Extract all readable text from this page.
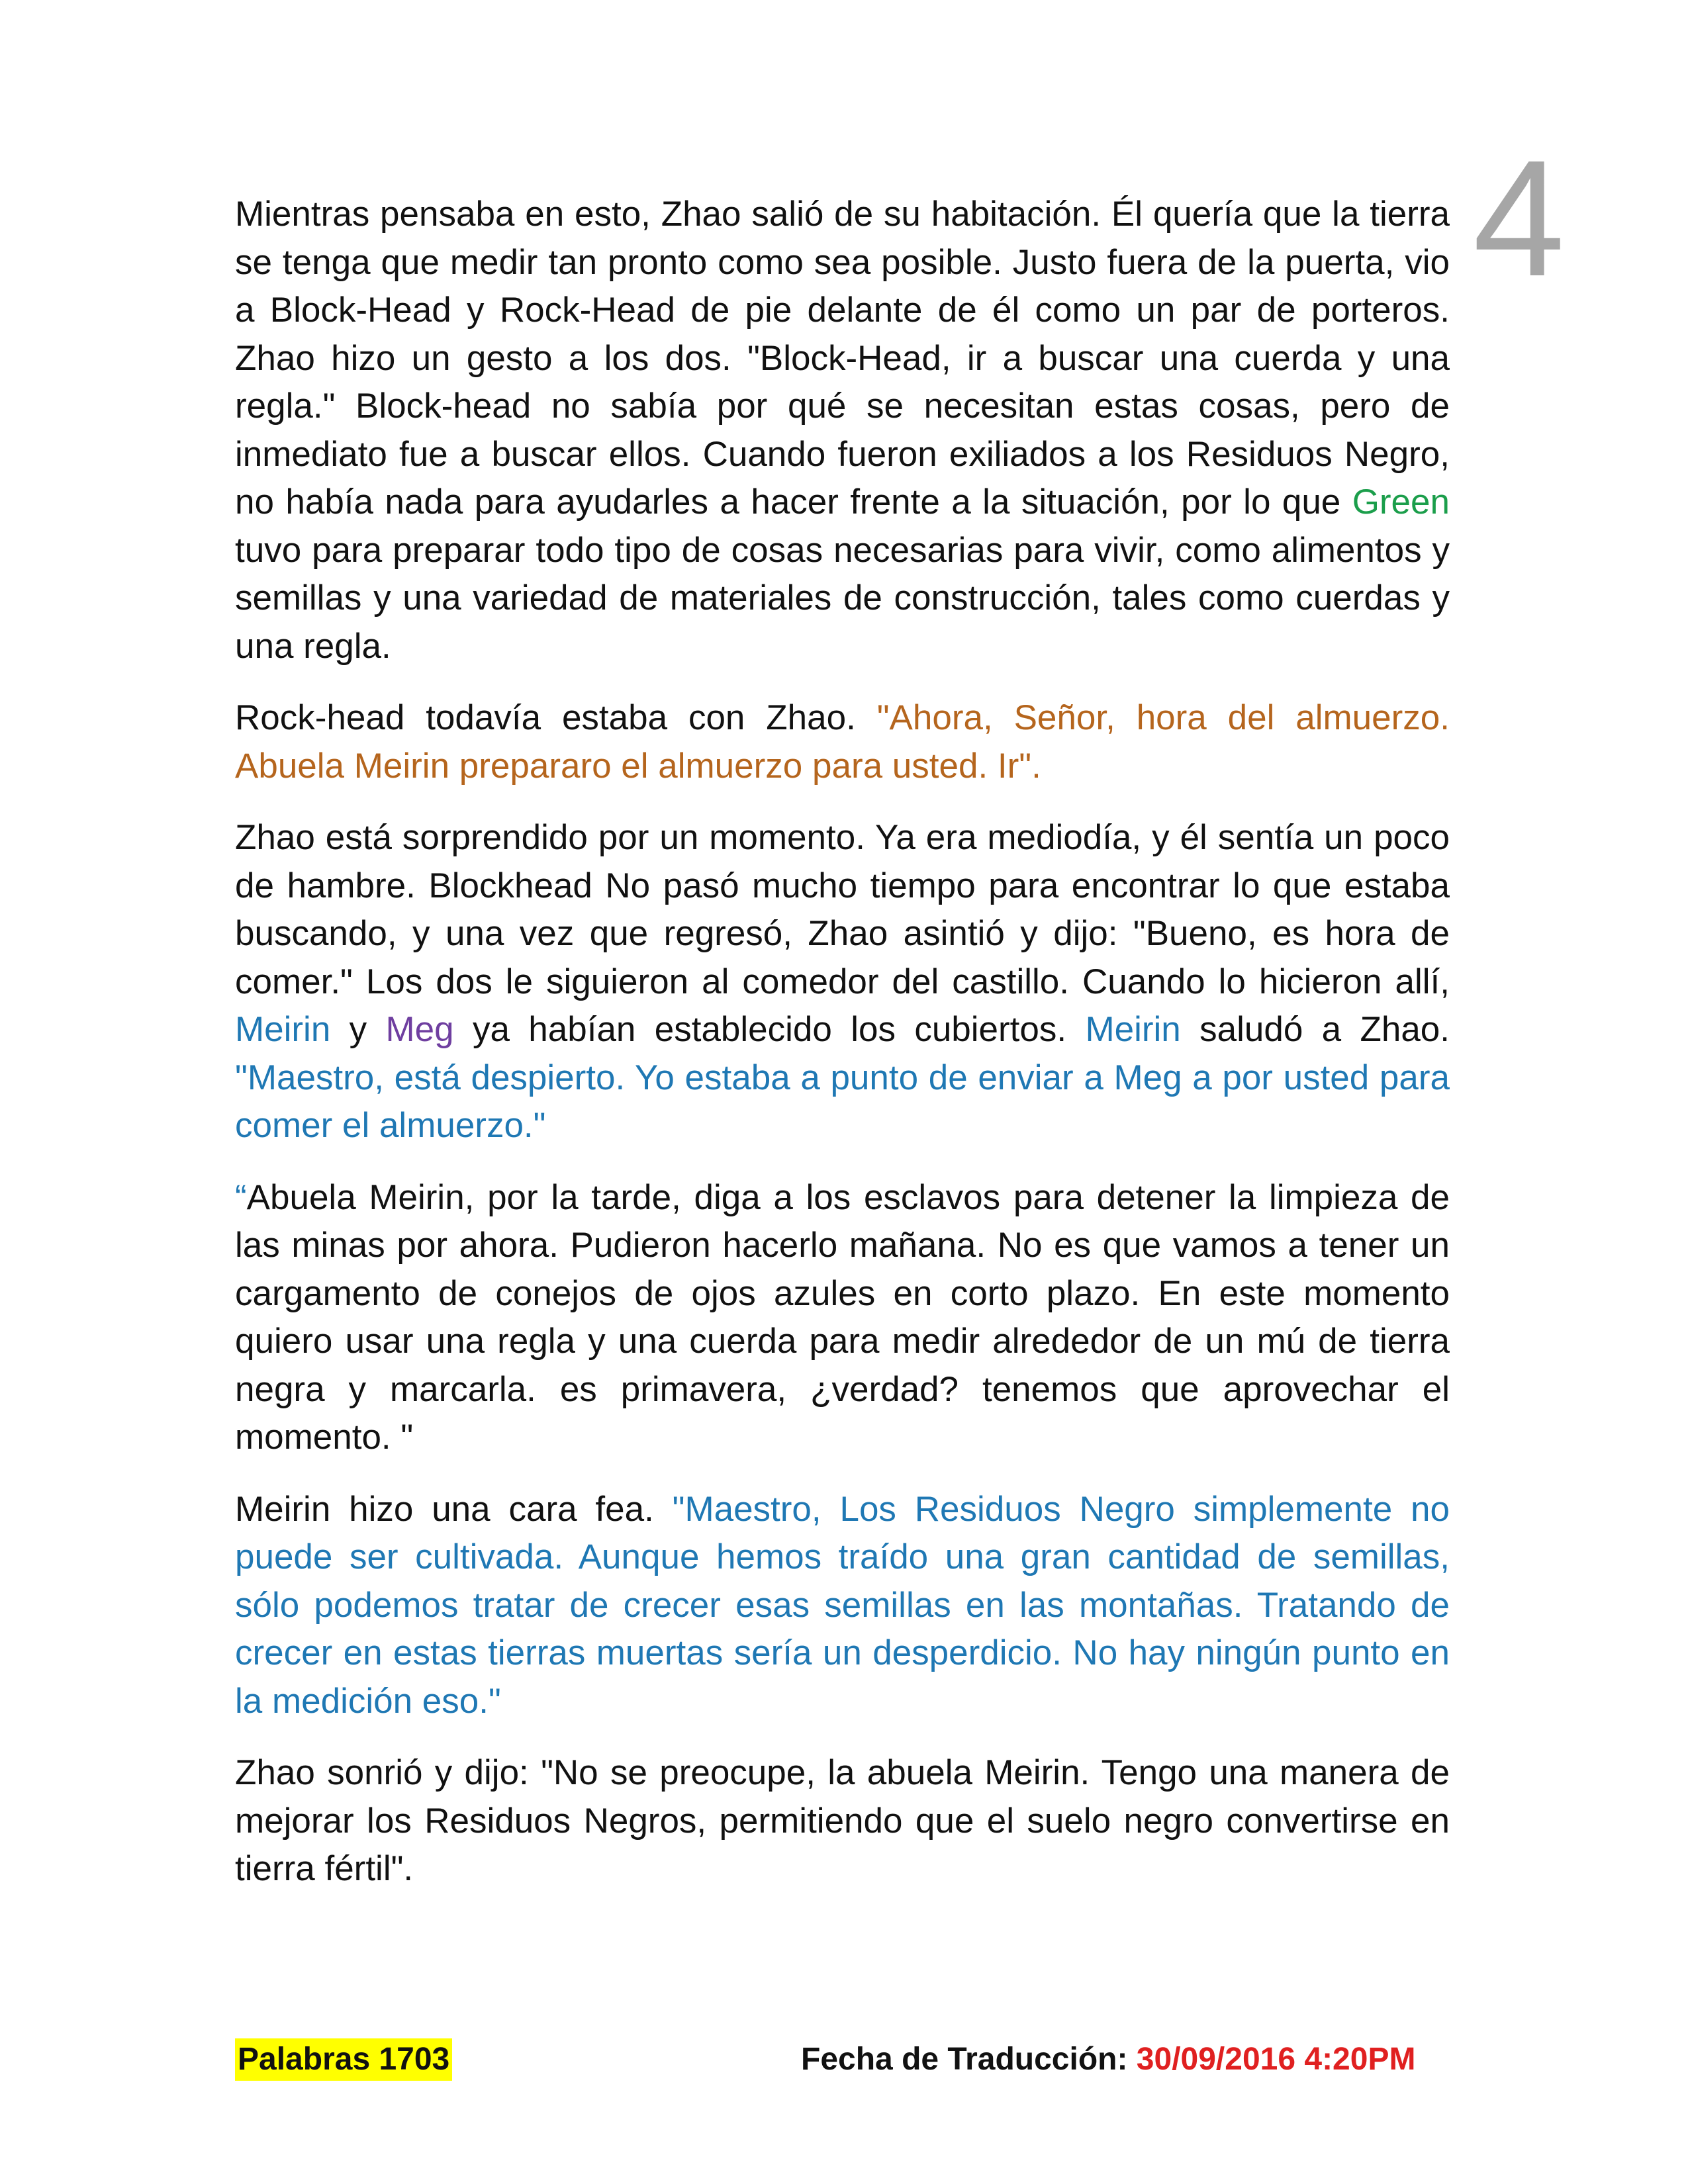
4

Mientras pensaba en esto, Zhao salió de su habitación. Él quería que la tierra se tenga que medir tan pronto como sea posible. Justo fuera de la puerta, vio a Block-Head y Rock-Head de pie delante de él como un par de porteros. Zhao hizo un gesto a los dos. "Block-Head, ir a buscar una cuerda y una regla." Block-head no sabía por qué se necesitan estas cosas, pero de inmediato fue a buscar ellos. Cuando fueron exiliados a los Residuos Negro, no había nada para ayudarles a hacer frente a la situación, por lo que Green tuvo para preparar todo tipo de cosas necesarias para vivir, como alimentos y semillas y una variedad de materiales de construcción, tales como cuerdas y una regla.

Rock-head todavía estaba con Zhao. "Ahora, Señor, hora del almuerzo. Abuela Meirin prepararo el almuerzo para usted. Ir".

Zhao está sorprendido por un momento. Ya era mediodía, y él sentía un poco de hambre. Blockhead No pasó mucho tiempo para encontrar lo que estaba buscando, y una vez que regresó, Zhao asintió y dijo: "Bueno, es hora de comer." Los dos le siguieron al comedor del castillo. Cuando lo hicieron allí, Meirin y Meg ya habían establecido los cubiertos. Meirin saludó a Zhao. "Maestro, está despierto. Yo estaba a punto de enviar a Meg a por usted para comer el almuerzo."

“Abuela Meirin, por la tarde, diga a los esclavos para detener la limpieza de las minas por ahora. Pudieron hacerlo mañana. No es que vamos a tener un cargamento de conejos de ojos azules en corto plazo. En este momento quiero usar una regla y una cuerda para medir alrededor de un mú de tierra negra y marcarla. es primavera, ¿verdad? tenemos que aprovechar el momento. "

Meirin hizo una cara fea. "Maestro, Los Residuos Negro simplemente no puede ser cultivada. Aunque hemos traído una gran cantidad de semillas, sólo podemos tratar de crecer esas semillas en las montañas. Tratando de crecer en estas tierras muertas sería un desperdicio. No hay ningún punto en la medición eso."

Zhao sonrió y dijo: "No se preocupe, la abuela Meirin. Tengo una manera de mejorar los Residuos Negros, permitiendo que el suelo negro convertirse en tierra fértil".

Palabras 1703	Fecha de Traducción: 30/09/2016 4:20PM
